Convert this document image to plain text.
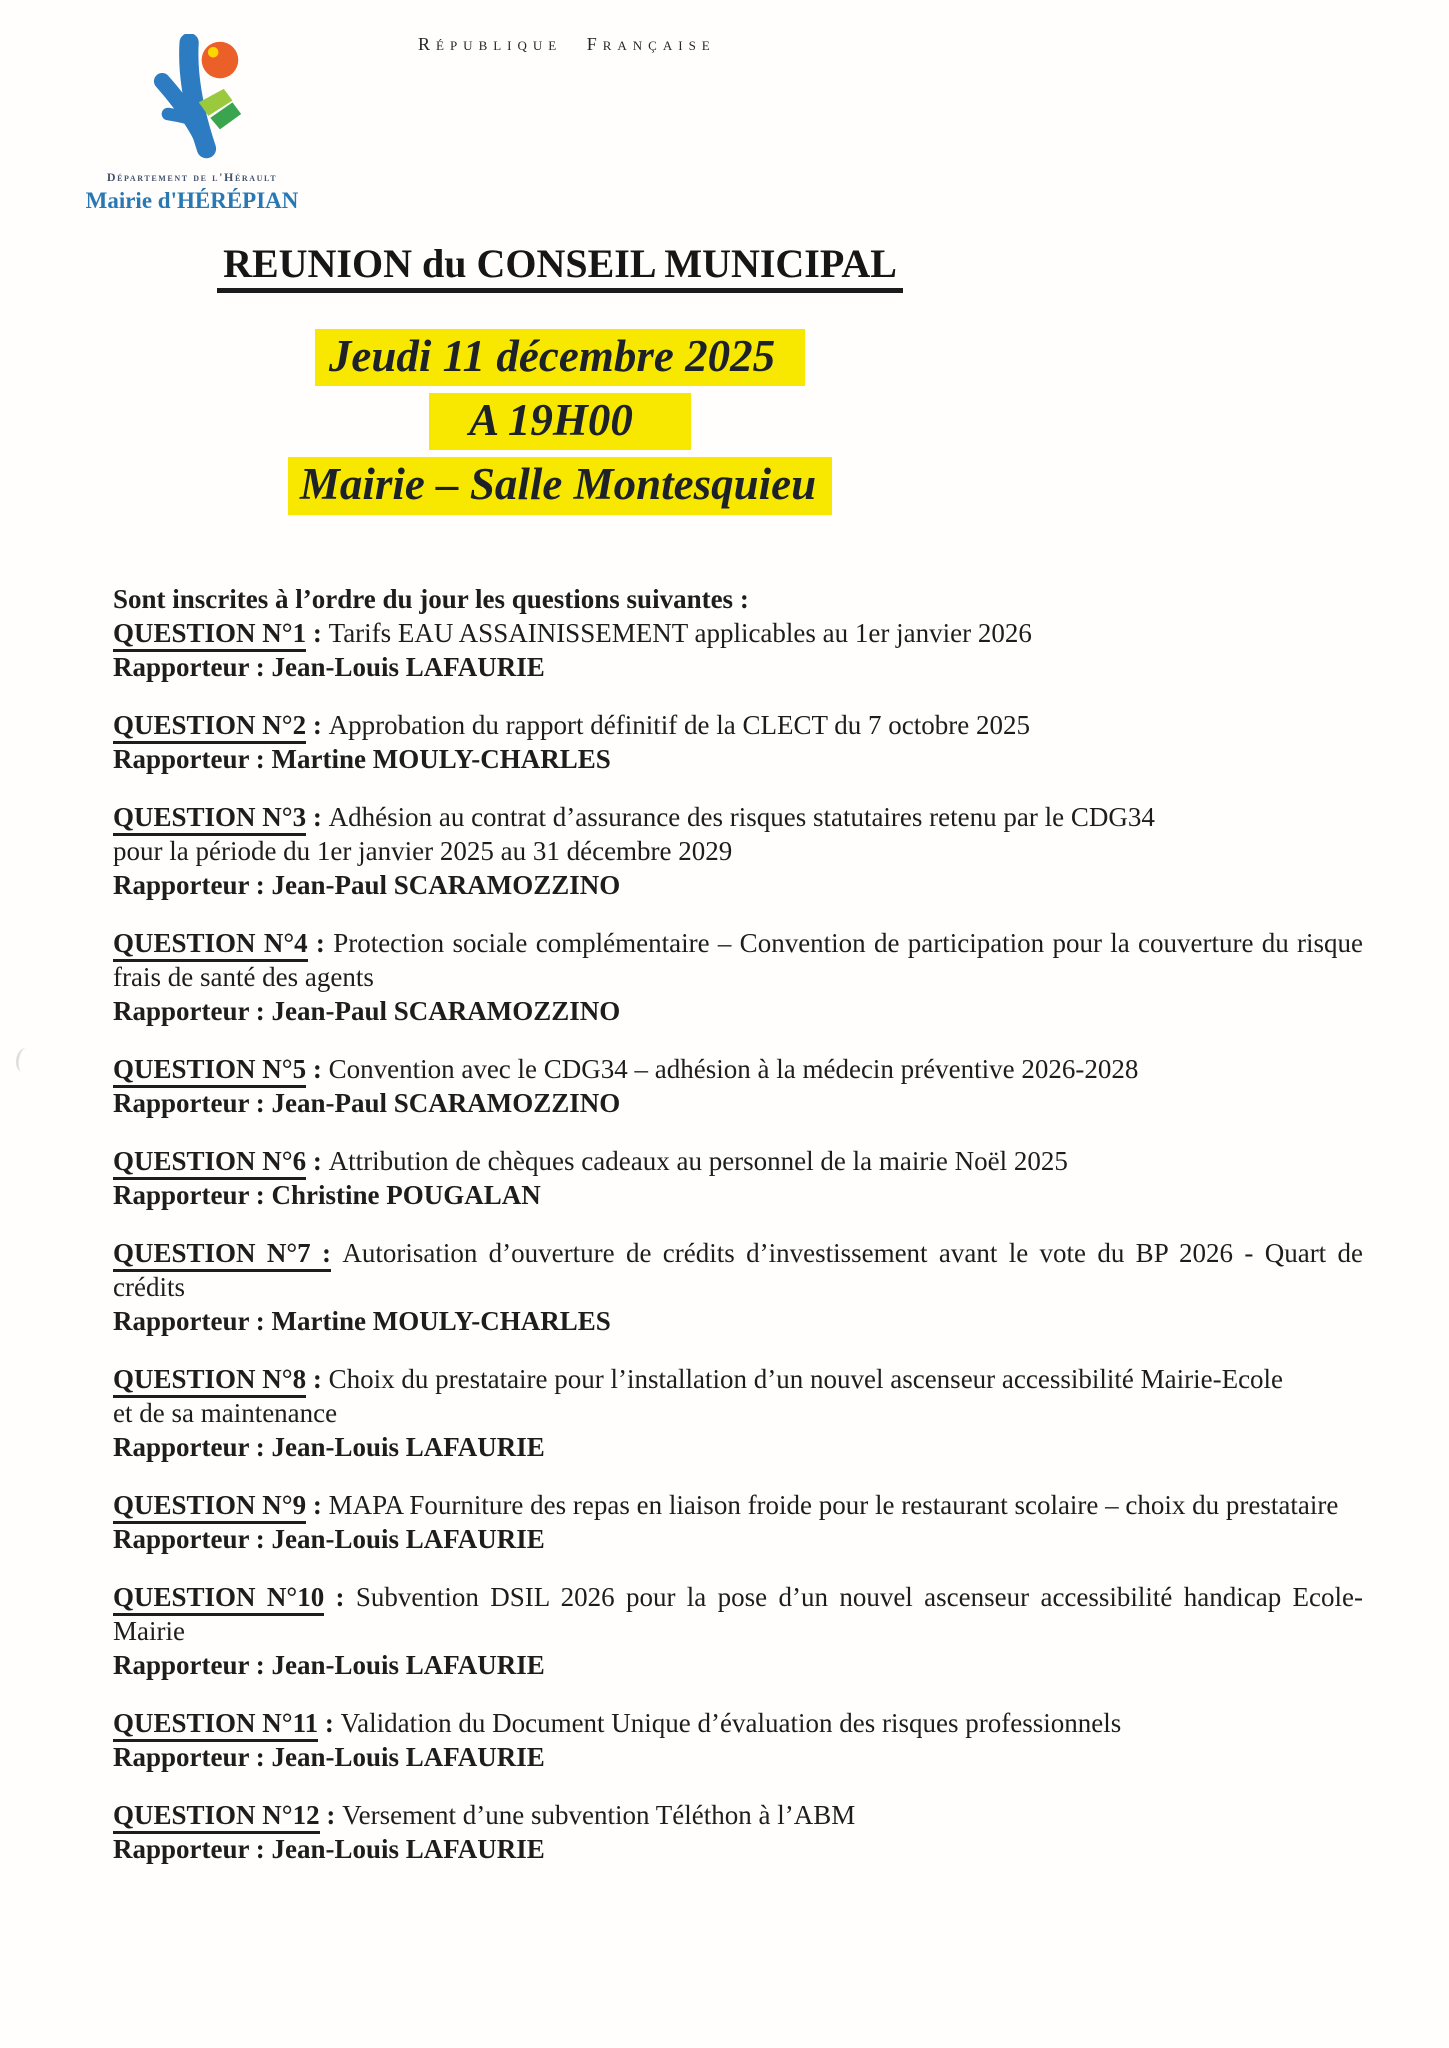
République Française
Département de l'Hérault
Mairie d'HÉRÉPIAN
REUNION du CONSEIL MUNICIPAL
Jeudi 11 décembre 2025
A 19H00
Mairie – Salle Montesquieu

Sont inscrites à l’ordre du jour les questions suivantes :

QUESTION N°1 : Tarifs EAU ASSAINISSEMENT applicables au 1er janvier 2026

Rapporteur : Jean-Louis LAFAURIE

QUESTION N°2 : Approbation du rapport définitif de la CLECT du 7 octobre 2025

Rapporteur : Martine MOULY-CHARLES

QUESTION N°3 : Adhésion au contrat d’assurance des risques statutaires retenu par le CDG34

pour la période du 1er janvier 2025 au 31 décembre 2029

Rapporteur : Jean-Paul SCARAMOZZINO

QUESTION N°4 : Protection sociale complémentaire – Convention de participation pour la couverture du risque

frais de santé des agents

Rapporteur : Jean-Paul SCARAMOZZINO

QUESTION N°5 : Convention avec le CDG34 – adhésion à la médecin préventive 2026-2028

Rapporteur : Jean-Paul SCARAMOZZINO

QUESTION N°6 : Attribution de chèques cadeaux au personnel de la mairie Noël 2025

Rapporteur : Christine POUGALAN

QUESTION N°7 : Autorisation d’ouverture de crédits d’investissement avant le vote du BP 2026 - Quart de

crédits

Rapporteur : Martine MOULY-CHARLES

QUESTION N°8 : Choix du prestataire pour l’installation d’un nouvel ascenseur accessibilité Mairie-Ecole

et de sa maintenance

Rapporteur : Jean-Louis LAFAURIE

QUESTION N°9 : MAPA Fourniture des repas en liaison froide pour le restaurant scolaire – choix du prestataire

Rapporteur : Jean-Louis LAFAURIE

QUESTION N°10 : Subvention DSIL 2026 pour la pose d’un nouvel ascenseur accessibilité handicap Ecole-

Mairie

Rapporteur : Jean-Louis LAFAURIE

QUESTION N°11 : Validation du Document Unique d’évaluation des risques professionnels

Rapporteur : Jean-Louis LAFAURIE

QUESTION N°12 : Versement d’une subvention Téléthon à l’ABM

Rapporteur : Jean-Louis LAFAURIE
